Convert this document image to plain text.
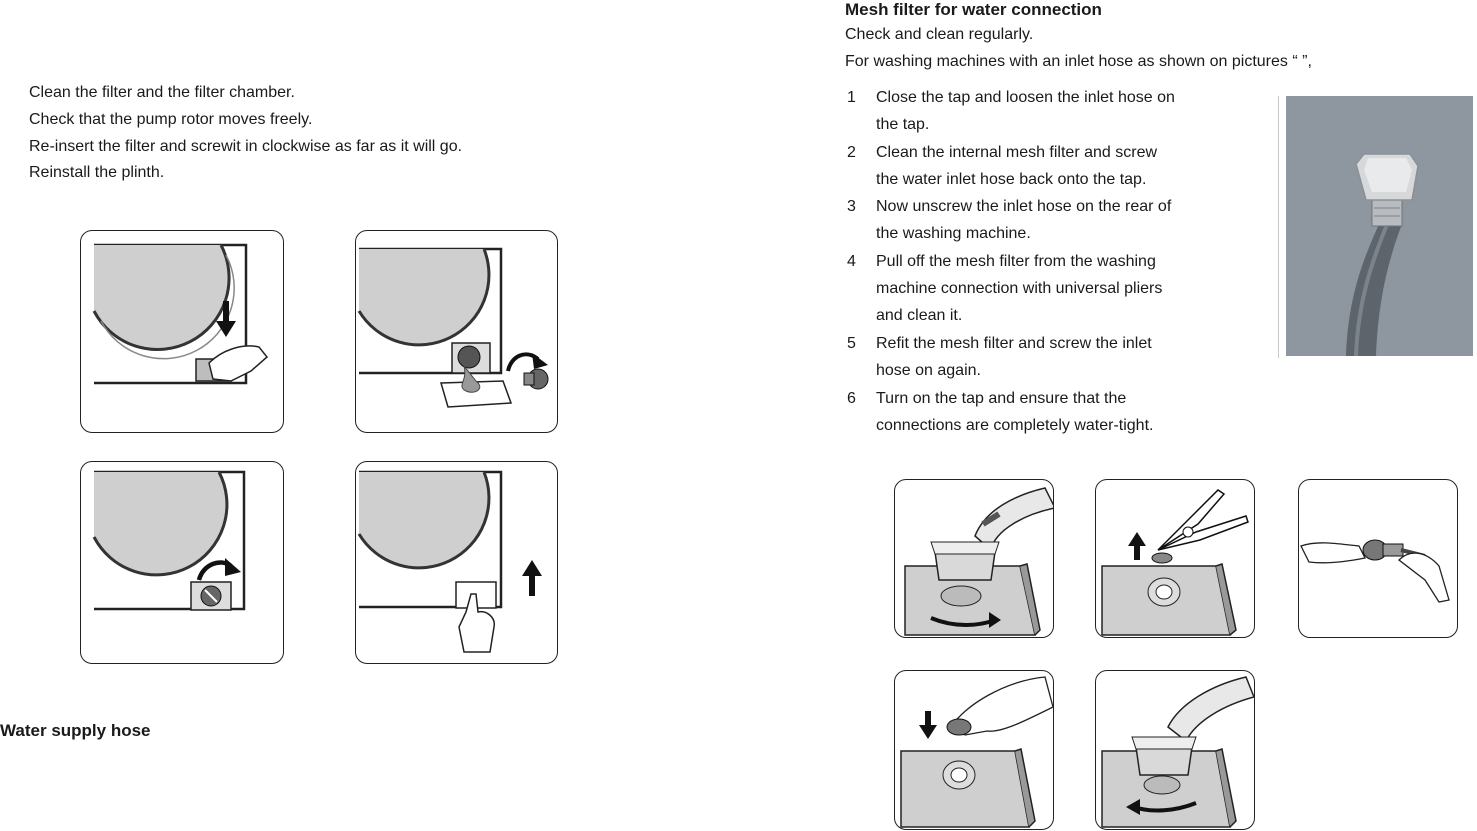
Clean the filter and the filter chamber.
Check that the pump rotor moves freely.
Re-insert the filter and screwit in clockwise as far as it will go.
Reinstall the plinth.
Water supply hose
Mesh filter for water connection
Check and clean regularly.
For washing machines with an inlet hose as shown on pictures “ ”,
1 Close the tap and loosen the inlet hose on
the tap.
2 Clean the internal mesh filter and screw
the water inlet hose back onto the tap.
3 Now unscrew the inlet hose on the rear of
the washing machine.
4 Pull off the mesh filter from the washing
machine connection with universal pliers
and clean it.
5 Refit the mesh filter and screw the inlet
hose on again.
6 Turn on the tap and ensure that the
connections are completely water-tight.
